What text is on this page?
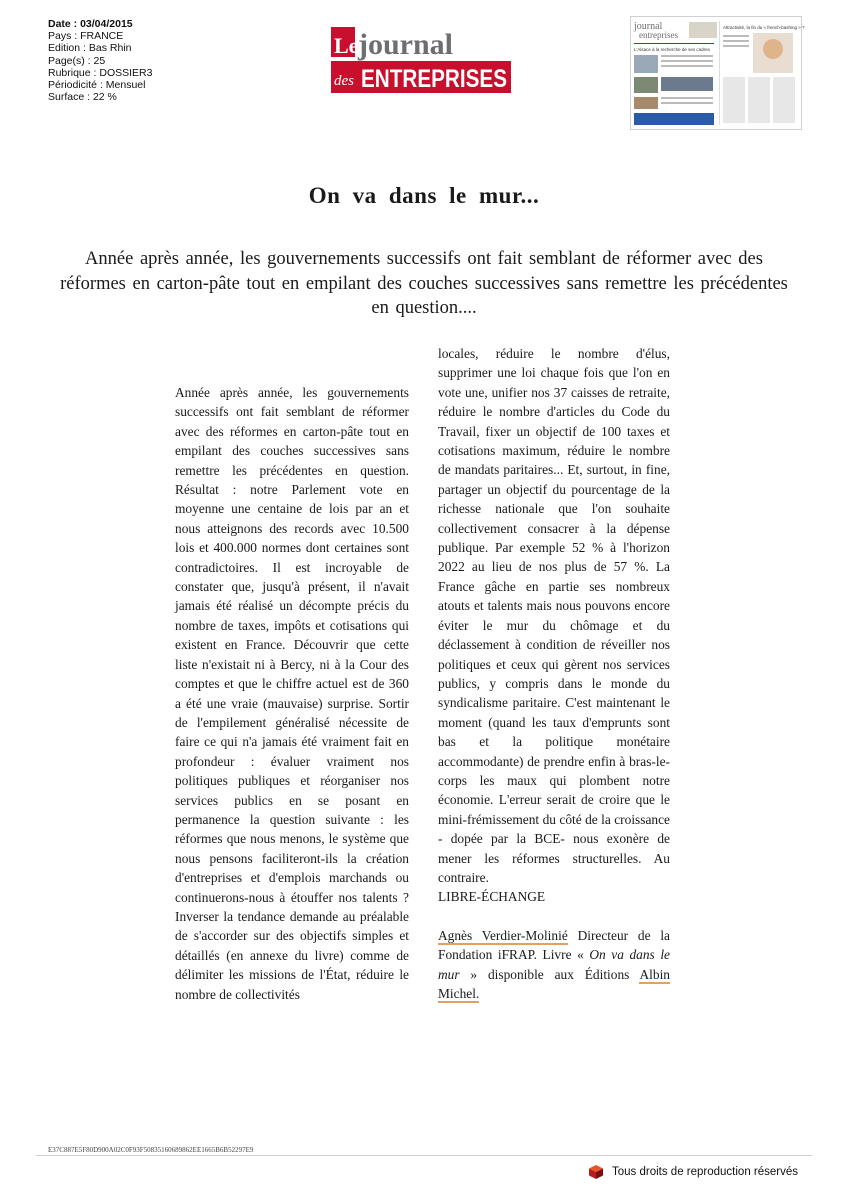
Date : 03/04/2015
Pays : FRANCE
Edition : Bas Rhin
Page(s) : 25
Rubrique : DOSSIER3
Périodicité : Mensuel
Surface : 22 %
Le journal
des ENTREPRISES
journal
entreprises
L'Alsace à la recherche de ses cadres
Attractivité, la fin du « french-bashing » ?
On va dans le mur...
Année après année, les gouvernements successifs ont fait semblant de réformer avec des réformes en carton-pâte tout en empilant des couches successives sans remettre les précédentes en question....

Année après année, les gouvernements successifs ont fait semblant de réformer avec des réformes en carton-pâte tout en empilant des couches successives sans remettre les précédentes en question. Résultat : notre Parlement vote en moyenne une centaine de lois par an et nous atteignons des records avec 10.500 lois et 400.000 normes dont certaines sont contradictoires. Il est incroyable de constater que, jusqu'à présent, il n'avait jamais été réalisé un décompte précis du nombre de taxes, impôts et cotisations qui existent en France. Découvrir que cette liste n'existait ni à Bercy, ni à la Cour des comptes et que le chiffre actuel est de 360 a été une vraie (mauvaise) surprise. Sortir de l'empilement généralisé nécessite de faire ce qui n'a jamais été vraiment fait en profondeur : évaluer vraiment nos politiques publiques et réorganiser nos services publics en se posant en permanence la question suivante : les réformes que nous menons, le système que nous pensons faciliteront-ils la création d'entreprises et d'emplois marchands ou continuerons-nous à étouffer nos talents ? Inverser la tendance demande au préalable de s'accorder sur des objectifs simples et détaillés (en annexe du livre) comme de délimiter les missions de l'État, réduire le nombre de collectivités

locales, réduire le nombre d'élus, supprimer une loi chaque fois que l'on en vote une, unifier nos 37 caisses de retraite, réduire le nombre d'articles du Code du Travail, fixer un objectif de 100 taxes et cotisations maximum, réduire le nombre de mandats paritaires... Et, surtout, in fine, partager un objectif du pourcentage de la richesse nationale que l'on souhaite collectivement consacrer à la dépense publique. Par exemple 52 % à l'horizon 2022 au lieu de nos plus de 57 %. La France gâche en partie ses nombreux atouts et talents mais nous pouvons encore éviter le mur du chômage et du déclassement à condition de réveiller nos politiques et ceux qui gèrent nos services publics, y compris dans le monde du syndicalisme paritaire. C'est maintenant le moment (quand les taux d'emprunts sont bas et la politique monétaire accommodante) de prendre enfin à bras-le-corps les maux qui plombent notre économie. L'erreur serait de croire que le mini-frémissement du côté de la croissance - dopée par la BCE- nous exonère de mener les réformes structurelles. Au contraire.

LIBRE-ÉCHANGE

Agnès Verdier-Molinié Directeur de la Fondation iFRAP. Livre « On va dans le mur » disponible aux Éditions Albin Michel.

E37C887E5F80D900A02C0F93F5083516068986​2EE1665B6B52297E9
Tous droits de reproduction réservés
